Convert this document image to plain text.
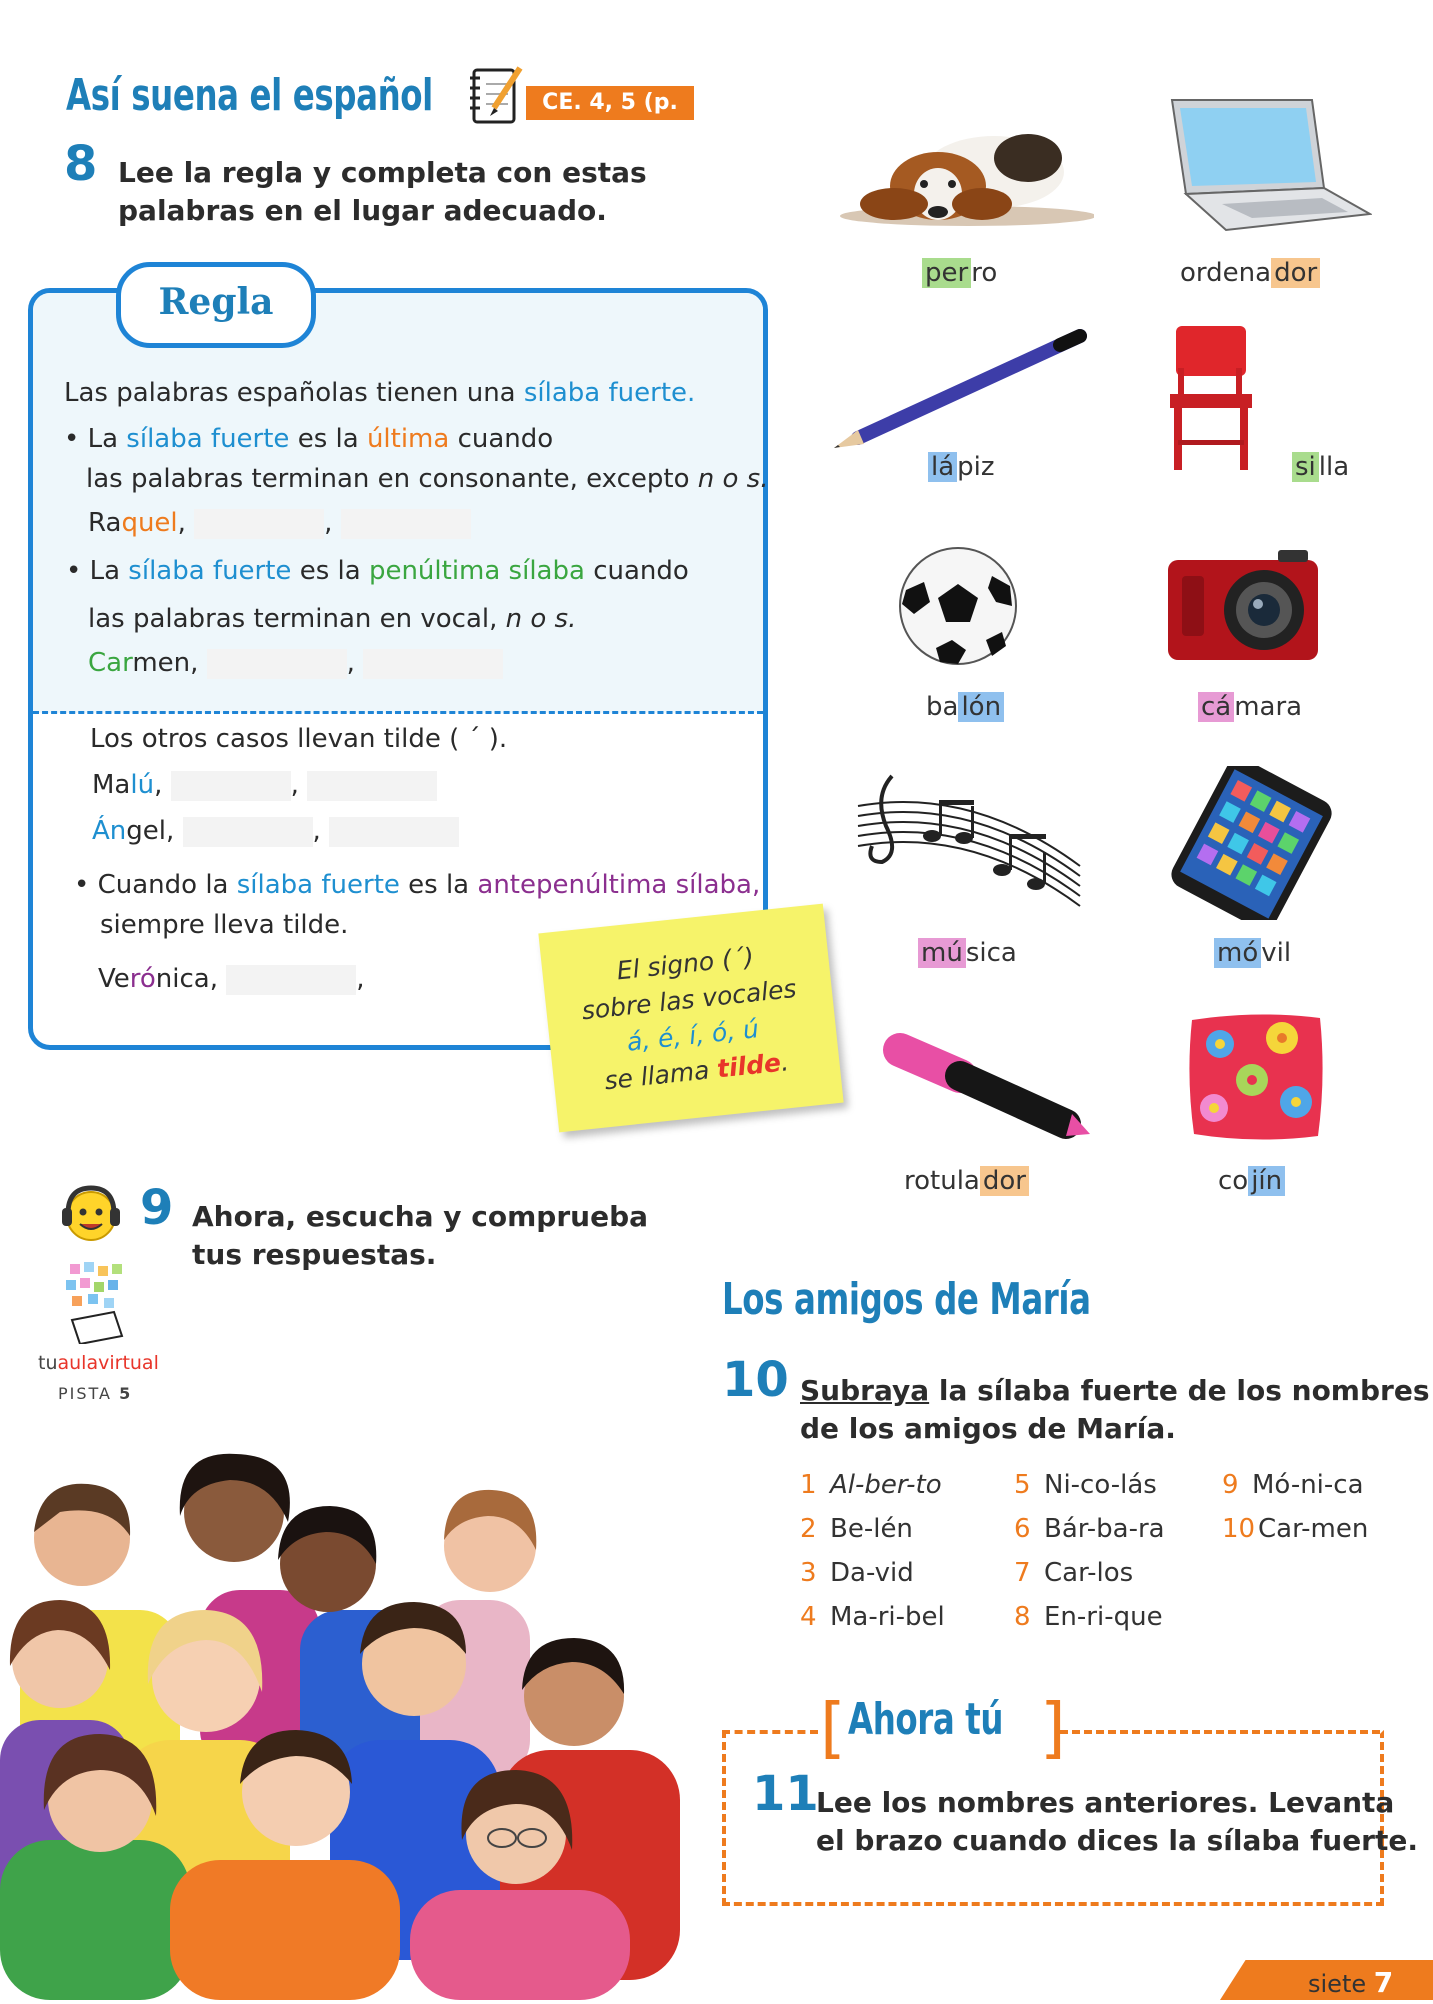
Así suena el español	CE. 4, 5 (p. 5)
8 Lee la regla y completa con estas
palabras en el lugar adecuado.
Regla
Las palabras españolas tienen una sílaba fuerte.
• La sílaba fuerte es la última cuando
las palabras terminan en consonante, excepto n o s.
Raquel,	,
• La sílaba fuerte es la penúltima sílaba cuando
las palabras terminan en vocal, n o s.
Carmen,	,
Los otros casos llevan tilde ( ´ ).
Malú,	,
Ángel,	,
• Cuando la sílaba fuerte es la antepenúltima sílaba,
siempre lleva tilde.
Verónica,	,	El signo (´)
sobre las vocales
á, é, í, ó, ú
se llama tilde.
9 Ahora, escucha y comprueba
tus respuestas.
tuaulavirtual
PISTA 5
per ro	ordena dor
lá piz	si lla
ba lón	cá mara
mú sica	mó vil
rotula dor	co jín
Los amigos de María
10 Subraya la sílaba fuerte de los nombres
de los amigos de María.
1 Al-ber-to
2 Be-lén
3 Da-vid
4 Ma-ri-bel
5 Ni-co-lás
6 Bár-ba-ra
7 Car-los
8 En-ri-que
9 Mó-ni-ca
10 Car-men
[ Ahora tú ]
11
Lee los nombres anteriores. Levanta
el brazo cuando dices la sílaba fuerte.
siete 7
